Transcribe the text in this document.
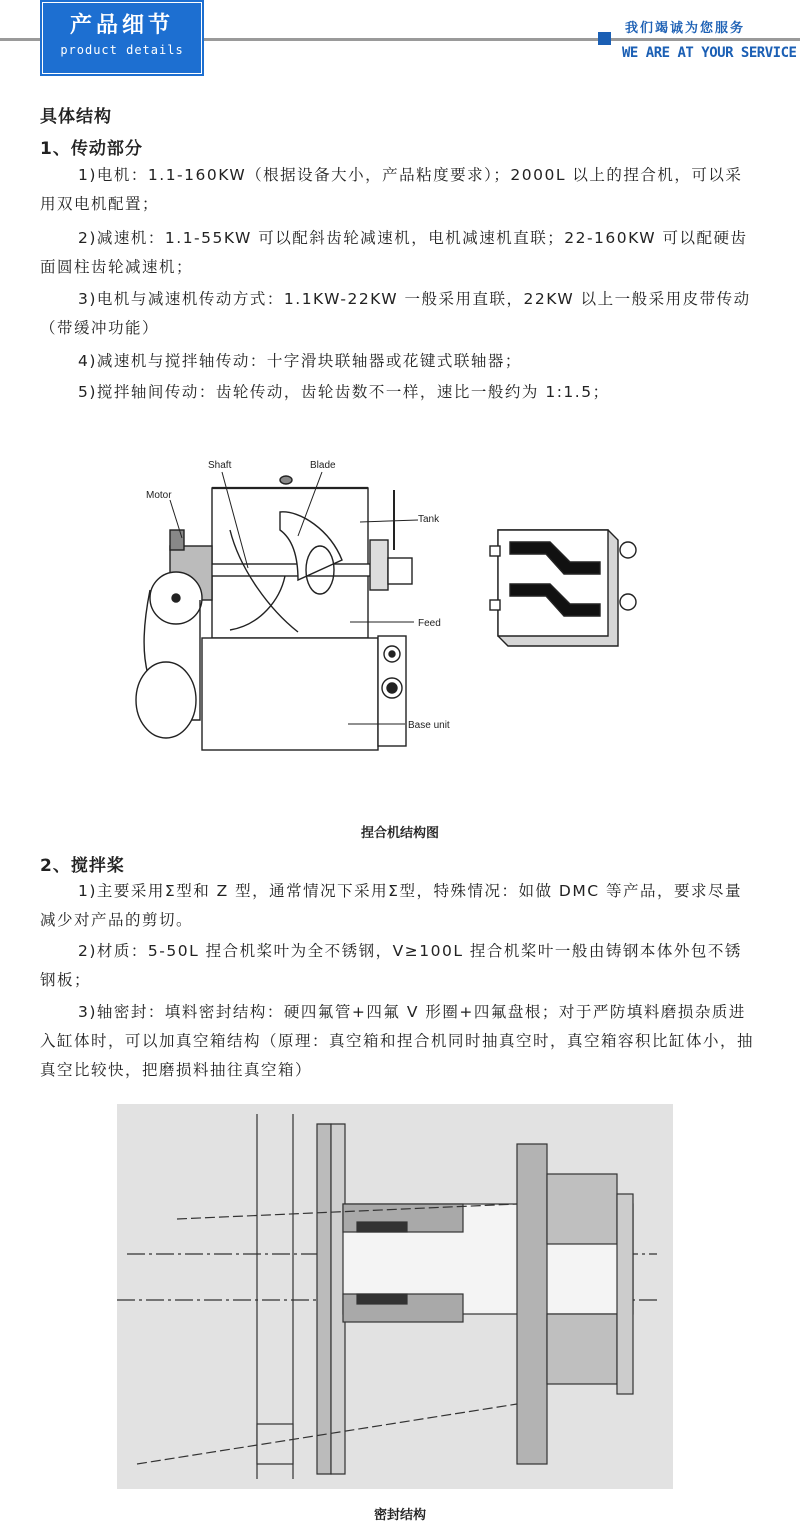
产品细节
product details
我们竭诚为您服务
WE ARE AT YOUR SERVICE
具体结构
1、传动部分

1)电机：1.1-160KW（根据设备大小，产品粘度要求）；2000L 以上的捏合机，可以采用双电机配置；

2)减速机：1.1-55KW 可以配斜齿轮减速机，电机减速机直联；22-160KW 可以配硬齿面圆柱齿轮减速机；

3)电机与减速机传动方式：1.1KW-22KW 一般采用直联，22KW 以上一般采用皮带传动（带缓冲功能）

4)减速机与搅拌轴传动：十字滑块联轴器或花键式联轴器；

5)搅拌轴间传动：齿轮传动，齿轮齿数不一样，速比一般约为 1:1.5；

Shaft	Blade
Motor
Tank
Feed
Base unit
捏合机结构图
2、搅拌桨

1)主要采用Σ型和 Z 型，通常情况下采用Σ型，特殊情况：如做 DMC 等产品，要求尽量减少对产品的剪切。

2)材质：5-50L 捏合机桨叶为全不锈钢，V≥100L 捏合机桨叶一般由铸钢本体外包不锈钢板；

3)轴密封：填料密封结构：硬四氟管+四氟 V 形圈+四氟盘根；对于严防填料磨损杂质进入缸体时，可以加真空箱结构（原理：真空箱和捏合机同时抽真空时，真空箱容积比缸体小，抽真空比较快，把磨损料抽往真空箱）

密封结构
